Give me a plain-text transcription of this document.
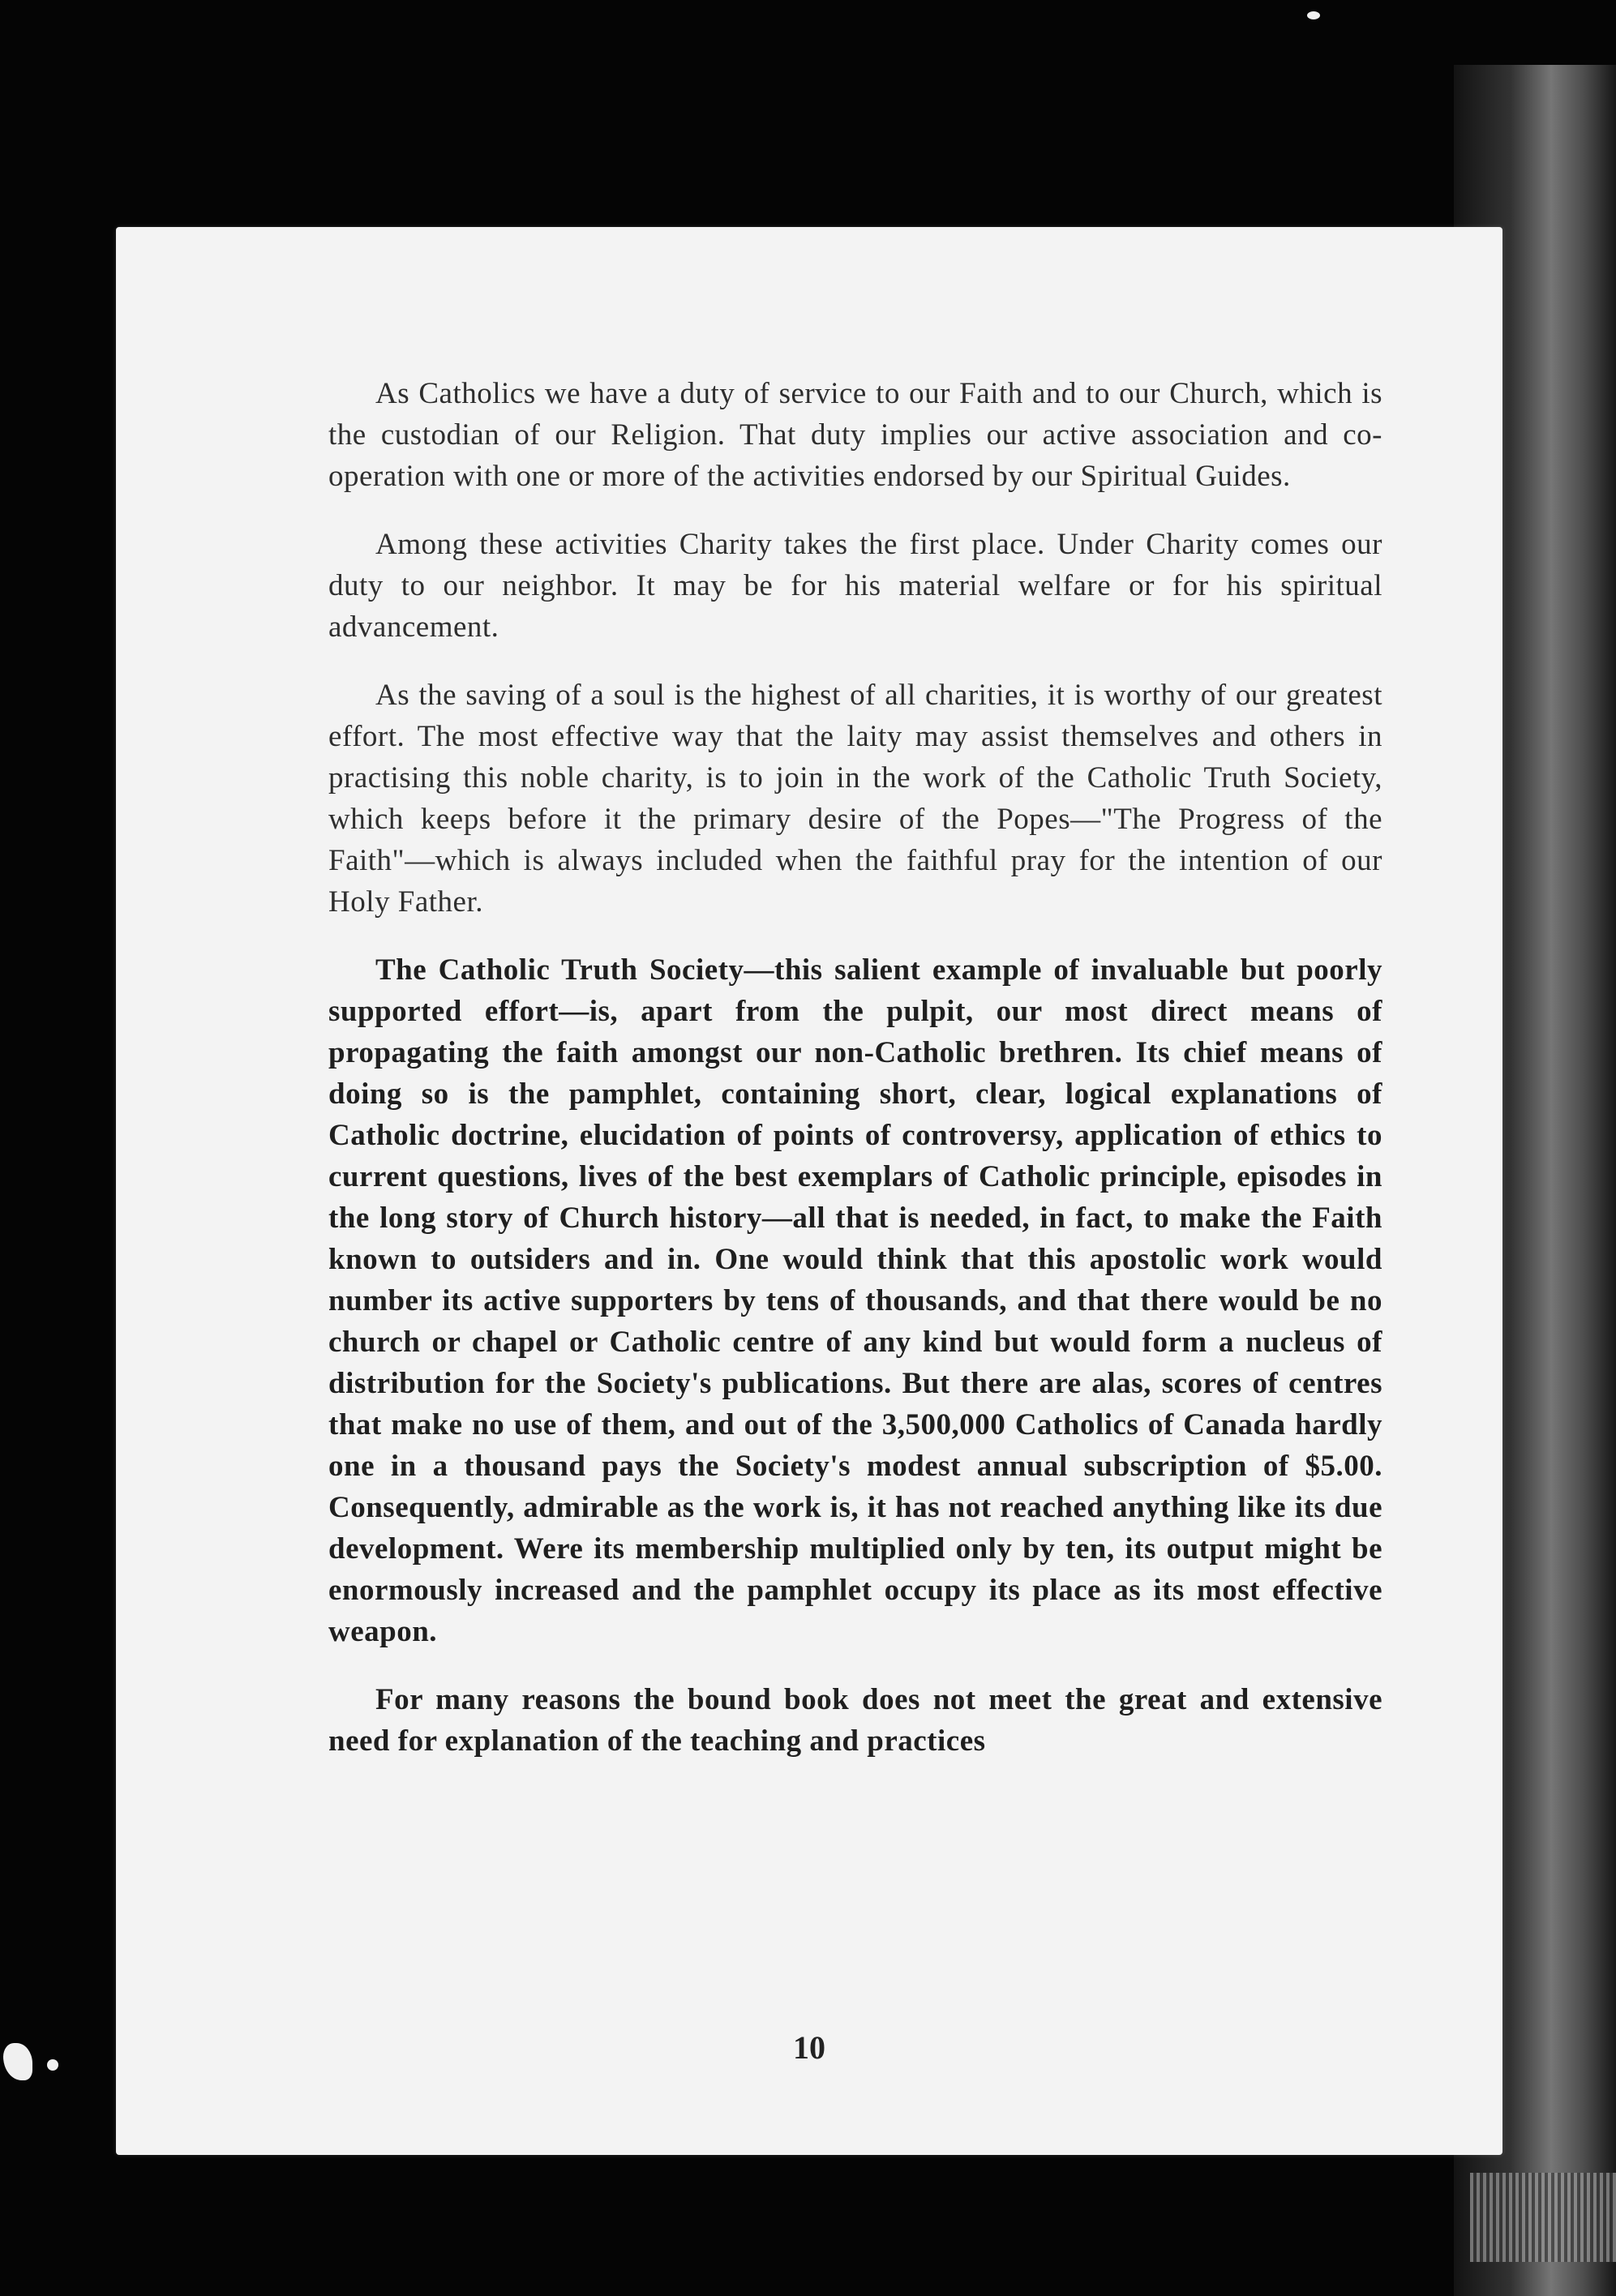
As Catholics we have a duty of service to our Faith and to our Church, which is the custodian of our Religion. That duty implies our active association and co-operation with one or more of the activities endorsed by our Spiritual Guides.

Among these activities Charity takes the first place. Under Charity comes our duty to our neighbor. It may be for his material welfare or for his spiritual advancement.

As the saving of a soul is the highest of all charities, it is worthy of our greatest effort. The most effective way that the laity may assist themselves and others in practising this noble charity, is to join in the work of the Catholic Truth Society, which keeps before it the primary desire of the Popes—"The Progress of the Faith"—which is always included when the faithful pray for the intention of our Holy Father.

The Catholic Truth Society—this salient example of invaluable but poorly supported effort—is, apart from the pulpit, our most direct means of propagating the faith amongst our non-Catholic brethren. Its chief means of doing so is the pamphlet, containing short, clear, logical explanations of Catholic doctrine, elucidation of points of controversy, application of ethics to current questions, lives of the best exemplars of Catholic principle, episodes in the long story of Church history—all that is needed, in fact, to make the Faith known to outsiders and in. One would think that this apostolic work would number its active supporters by tens of thousands, and that there would be no church or chapel or Catholic centre of any kind but would form a nucleus of distribution for the Society's publications. But there are alas, scores of centres that make no use of them, and out of the 3,500,000 Catholics of Canada hardly one in a thousand pays the Society's modest annual subscription of $5.00. Consequently, admirable as the work is, it has not reached anything like its due development. Were its membership multiplied only by ten, its output might be enormously increased and the pamphlet occupy its place as its most effective weapon.

For many reasons the bound book does not meet the great and extensive need for explanation of the teaching and practices

10
